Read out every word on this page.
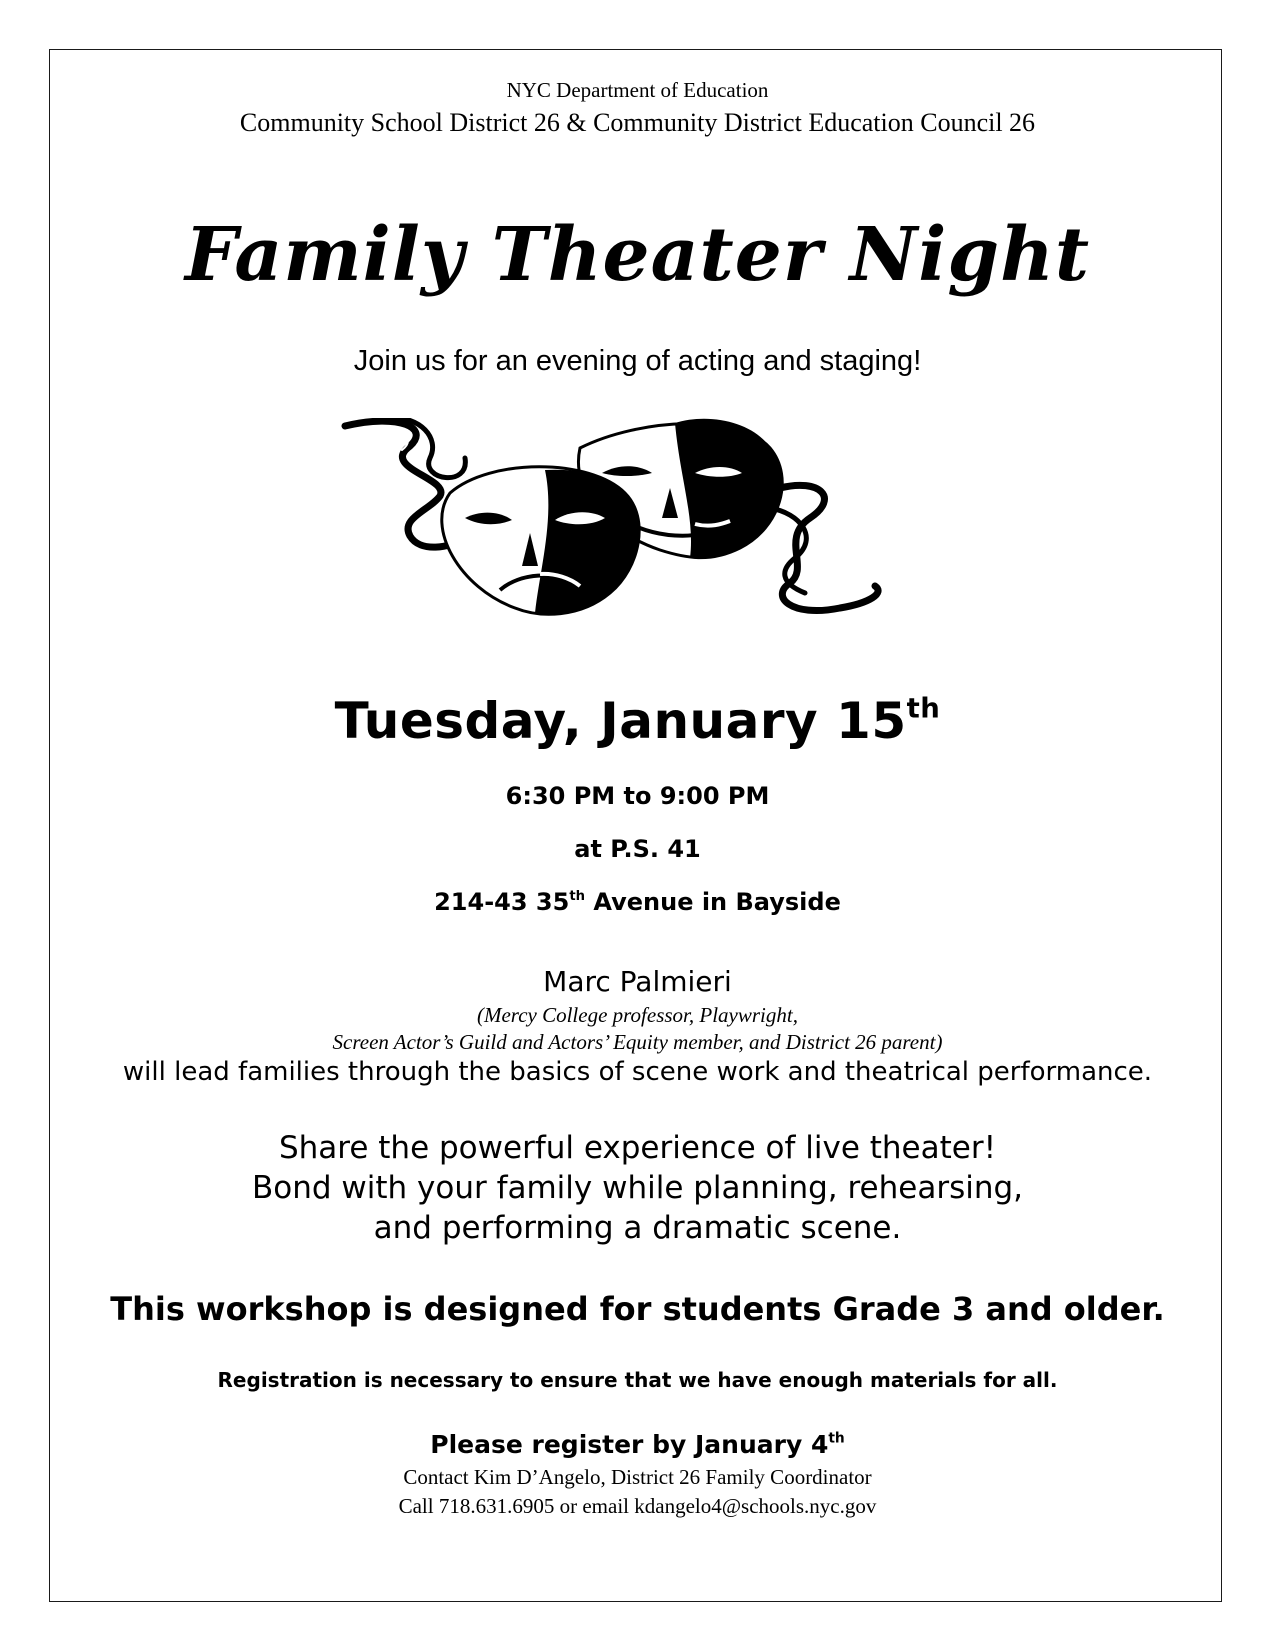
NYC Department of Education
Community School District 26 & Community District Education Council 26
Family Theater Night
Join us for an evening of acting and staging!
Tuesday, January 15th
6:30 PM to 9:00 PM
at P.S. 41
214-43 35th Avenue in Bayside
Marc Palmieri
(Mercy College professor, Playwright,
Screen Actor’s Guild and Actors’ Equity member, and District 26 parent)
will lead families through the basics of scene work and theatrical performance.
Share the powerful experience of live theater!
Bond with your family while planning, rehearsing,
and performing a dramatic scene.
This workshop is designed for students Grade 3 and older.
Registration is necessary to ensure that we have enough materials for all.
Please register by January 4th
Contact Kim D’Angelo, District 26 Family Coordinator
Call 718.631.6905 or email kdangelo4@schools.nyc.gov
